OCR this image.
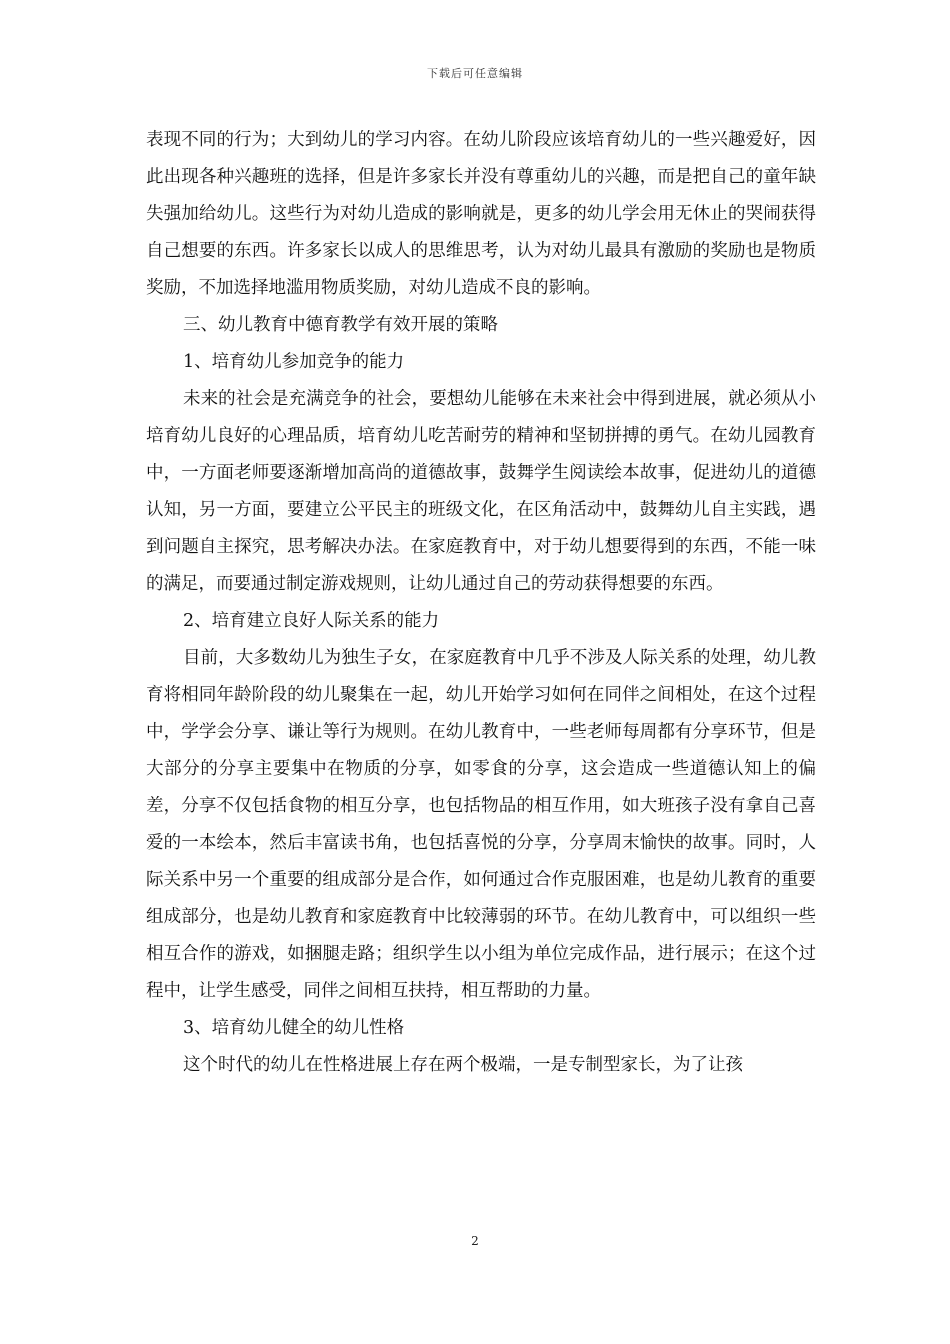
下载后可任意编辑

表现不同的行为；大到幼儿的学习内容。在幼儿阶段应该培育幼儿的一些兴趣爱好，因此出现各种兴趣班的选择，但是许多家长并没有尊重幼儿的兴趣，而是把自己的童年缺失强加给幼儿。这些行为对幼儿造成的影响就是，更多的幼儿学会用无休止的哭闹获得自己想要的东西。许多家长以成人的思维思考，认为对幼儿最具有激励的奖励也是物质奖励，不加选择地滥用物质奖励，对幼儿造成不良的影响。

三、幼儿教育中德育教学有效开展的策略

1、培育幼儿参加竞争的能力

未来的社会是充满竞争的社会，要想幼儿能够在未来社会中得到进展，就必须从小培育幼儿良好的心理品质，培育幼儿吃苦耐劳的精神和坚韧拼搏的勇气。在幼儿园教育中，一方面老师要逐渐增加高尚的道德故事，鼓舞学生阅读绘本故事，促进幼儿的道德认知，另一方面，要建立公平民主的班级文化，在区角活动中，鼓舞幼儿自主实践，遇到问题自主探究，思考解决办法。在家庭教育中，对于幼儿想要得到的东西，不能一味的满足，而要通过制定游戏规则，让幼儿通过自己的劳动获得想要的东西。

2、培育建立良好人际关系的能力

目前，大多数幼儿为独生子女，在家庭教育中几乎不涉及人际关系的处理，幼儿教育将相同年龄阶段的幼儿聚集在一起，幼儿开始学习如何在同伴之间相处，在这个过程中，学学会分享、谦让等行为规则。在幼儿教育中，一些老师每周都有分享环节，但是大部分的分享主要集中在物质的分享，如零食的分享，这会造成一些道德认知上的偏差，分享不仅包括食物的相互分享，也包括物品的相互作用，如大班孩子没有拿自己喜爱的一本绘本，然后丰富读书角，也包括喜悦的分享，分享周末愉快的故事。同时，人际关系中另一个重要的组成部分是合作，如何通过合作克服困难，也是幼儿教育的重要组成部分，也是幼儿教育和家庭教育中比较薄弱的环节。在幼儿教育中，可以组织一些相互合作的游戏，如捆腿走路；组织学生以小组为单位完成作品，进行展示；在这个过程中，让学生感受，同伴之间相互扶持，相互帮助的力量。

3、培育幼儿健全的幼儿性格

这个时代的幼儿在性格进展上存在两个极端，一是专制型家长，为了让孩

2
